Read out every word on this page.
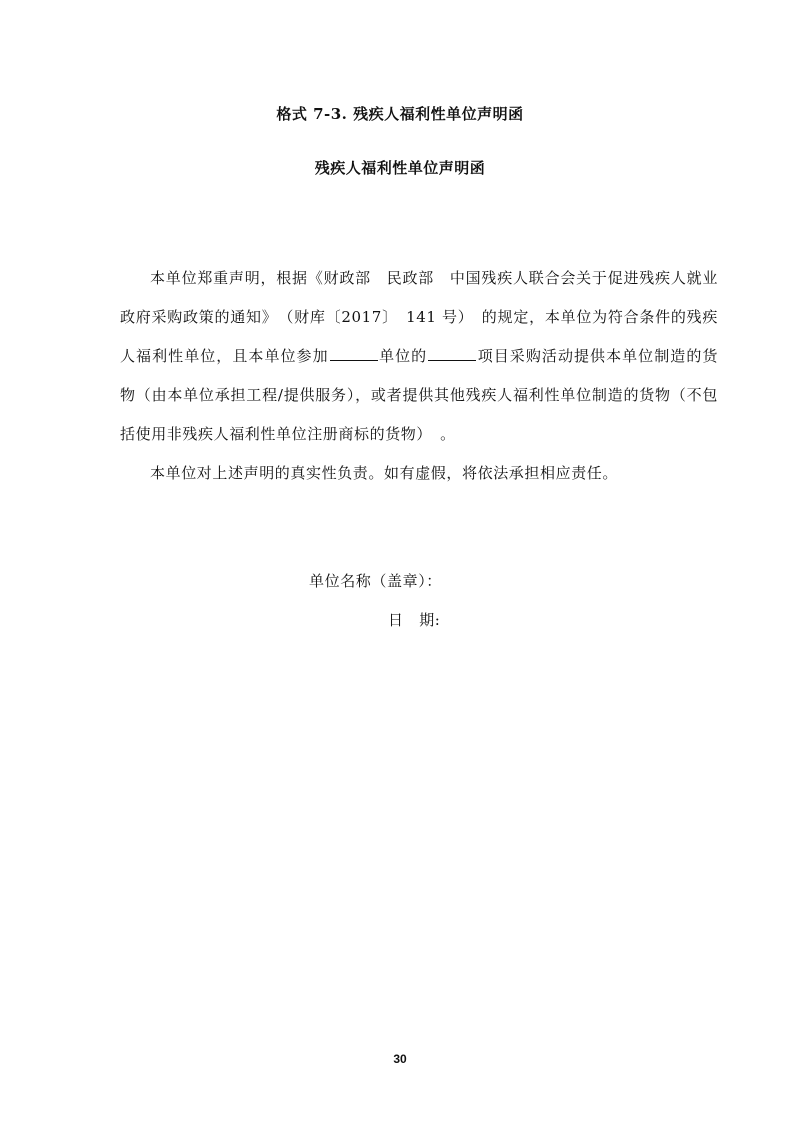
格式 7-3. 残疾人福利性单位声明函
残疾人福利性单位声明函

本单位郑重声明，根据《财政部　民政部　中国残疾人联合会关于促进残疾人就业政府采购政策的通知》　（财库〔2017〕　141 号）　的规定，本单位为符合条件的残疾人福利性单位，且本单位参加	单位的	项目采购活动提供本单位制造的货物（由本单位承担工程/提供服务），或者提供其他残疾人福利性单位制造的货物（不包括使用非残疾人福利性单位注册商标的货物）　。

本单位对上述声明的真实性负责。如有虚假，将依法承担相应责任。

单位名称（盖章）：
日　期:
30
